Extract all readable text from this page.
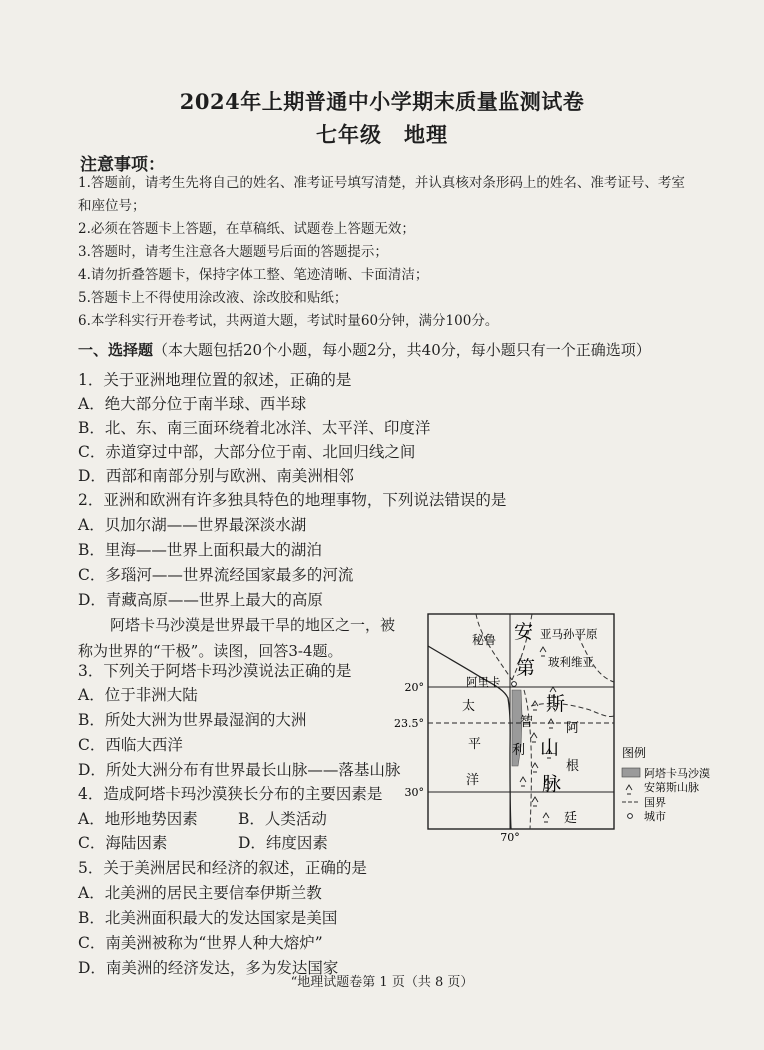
2024年上期普通中小学期末质量监测试卷
七年级　地理
注意事项：
1.答题前，请考生先将自己的姓名、准考证号填写清楚，并认真核对条形码上的姓名、准考证号、考室
和座位号；
2.必须在答题卡上答题，在草稿纸、试题卷上答题无效；
3.答题时，请考生注意各大题题号后面的答题提示；
4.请勿折叠答题卡，保持字体工整、笔迹清晰、卡面清洁；
5.答题卡上不得使用涂改液、涂改胶和贴纸；
6.本学科实行开卷考试，共两道大题，考试时量60分钟，满分100分。
一、选择题（本大题包括20个小题，每小题2分，共40分，每小题只有一个正确选项）
1．关于亚洲地理位置的叙述，正确的是
A．绝大部分位于南半球、西半球
B．北、东、南三面环绕着北冰洋、太平洋、印度洋
C．赤道穿过中部，大部分位于南、北回归线之间
D．西部和南部分别与欧洲、南美洲相邻
2．亚洲和欧洲有许多独具特色的地理事物，下列说法错误的是
A．贝加尔湖——世界最深淡水湖
B．里海——世界上面积最大的湖泊
C．多瑙河——世界流经国家最多的河流
D．青藏高原——世界上最大的高原
阿塔卡马沙漠是世界最干旱的地区之一，被
称为世界的“干极”。读图，回答3-4题。
3．下列关于阿塔卡玛沙漠说法正确的是
A．位于非洲大陆
B．所处大洲为世界最湿润的大洲
C．西临大西洋
D．所处大洲分布有世界最长山脉——落基山脉
4．造成阿塔卡玛沙漠狭长分布的主要因素是
A．地形地势因素	B．人类活动
C．海陆因素	D．纬度因素
5．关于美洲居民和经济的叙述，正确的是
A．北美洲的居民主要信奉伊斯兰教
B．北美洲面积最大的发达国家是美国
C．南美洲被称为“世界人种大熔炉”
D．南美洲的经济发达，多为发达国家
20°
23.5°
30°
70°
秘鲁	亚马孙平原
玻利维亚
阿里卡
安
第
斯
山
脉
太
平
洋
智
利
阿
根
廷
图例
阿塔卡马沙漠
安第斯山脉
国界
城市
“地理试题卷第 1 页（共 8 页）
